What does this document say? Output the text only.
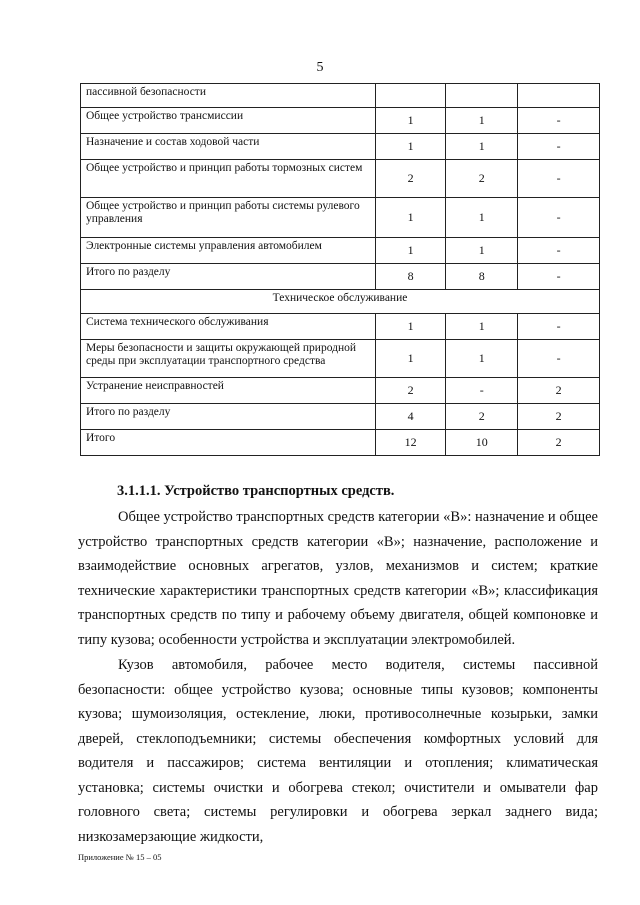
5
пассивной безопасности			
Общее устройство трансмиссии	1	1	-
Назначение и состав ходовой части	1	1	-
Общее устройство и принцип работы тормозных систем	2	2	-
Общее устройство и принцип работы системы рулевого управления	1	1	-
Электронные системы управления автомобилем	1	1	-
Итого по разделу	8	8	-
Техническое обслуживание			
Система технического обслуживания	1	1	-
Меры безопасности и защиты окружающей природной среды при эксплуатации транспортного средства	1	1	-
Устранение неисправностей	2	-	2
Итого по разделу	4	2	2
Итого	12	10	2
3.1.1.1. Устройство транспортных средств.

Общее устройство транспортных средств категории «В»: назначение и общее устройство транспортных средств категории «В»; назначение, расположение и взаимодействие основных агрегатов, узлов, механизмов и систем; краткие технические характеристики транспортных средств категории «В»; классификация транспортных средств по типу и рабочему объему двигателя, общей компоновке и типу кузова; особенности устройства и эксплуатации электромобилей.

Кузов автомобиля, рабочее место водителя, системы пассивной безопасности: общее устройство кузова; основные типы кузовов; компоненты кузова; шумоизоляция, остекление, люки, противосолнечные козырьки, замки дверей, стеклоподъемники; системы обеспечения комфортных условий для водителя и пассажиров; система вентиляции и отопления; климатическая установка; системы очистки и обогрева стекол; очистители и омыватели фар головного света; системы регулировки и обогрева зеркал заднего вида; низкозамерзающие жидкости,

Приложение № 15 – 05
